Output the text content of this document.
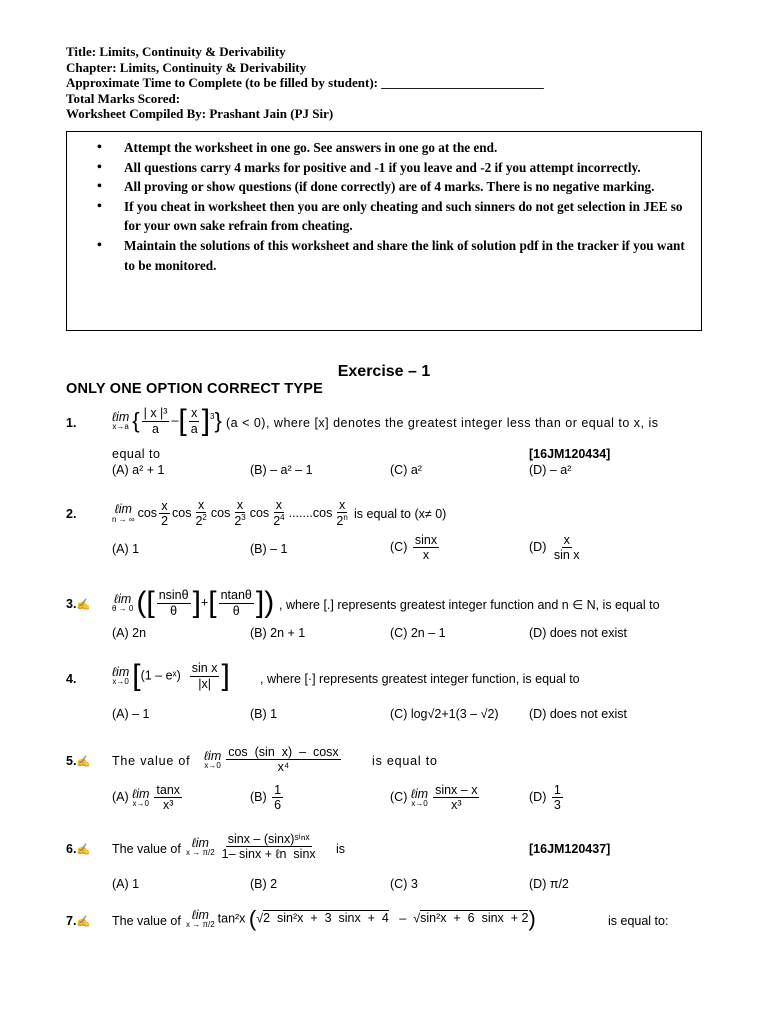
Title: Limits, Continuity & Derivability
Chapter: Limits, Continuity & Derivability
Approximate Time to Complete (to be filled by student): _________________________
Total Marks Scored:
Worksheet Compiled By: Prashant Jain (PJ Sir)
• Attempt the worksheet in one go. See answers in one go at the end.
• All questions carry 4 marks for positive and -1 if you leave and -2 if you attempt incorrectly.
• All proving or show questions (if done correctly) are of 4 marks. There is no negative marking.
• If you cheat in worksheet then you are only cheating and such sinners do not get selection in JEE so for your own sake refrain from cheating.
• Maintain the solutions of this worksheet and share the link of solution pdf in the tracker if you want to be monitored.
Exercise – 1
ONLY ONE OPTION CORRECT TYPE
1.	ℓim
x→a { $\frac{\text{| x |³}}{a}$ –[ $\frac{x}{a} ]^3$} (a < 0), where [x] denotes the greatest integer less than or equal to x, is
equal to	[16JM120434]
(A) a² + 1	(B) – a² – 1	(C) a²	(D) – a²
2.	ℓim
n → ∞ $\cos \frac{x}{2}$ $\cos \frac{x}{2^2}$ $\cos \frac{x}{2^3}$ $\cos \frac{x}{2^4} .......\cos \frac{x}{2^n}$ is equal to (x≠ 0)
(A) 1	(B) – 1	$(C) \frac{\sin x}{x}$	$(D) \frac{x}{\text{sin x}}$
3.✍ ℓim
θ → 0 ([ $\frac{nsin\theta}{\theta}$ ]+[ $\frac{ntan\theta}{\theta}$ ]) , where [.] represents greatest integer function and n ∈ N, is equal to
(A) 2n	(B) 2n + 1	(C) 2n – 1	(D) does not exist
4.
ℓim
x→0 [(1 – eˣ) $\frac{\text{sin x}}{|x|}$ ] , where [·] represents greatest integer function, is equal to
(A) – 1	(B) 1	(C) log√2+1(3 – √2) (D) does not exist
5.✍ The value of ℓim
$x\to 0 \frac{\text{cos  (sin  x)  –  cosx}}{\text{x⁴}}$	is equal to
(A) ℓim
$x\to 0 \frac{\tan x}{\text{x³}}$	$(B) \frac{1}{6}$	(C) ℓim
$x\to 0 \frac{\sin x - x}{\text{x³}}$	$(D) \frac{1}{3}$
6.✍ The value of ℓim
$x \to \pi/2 \frac{\text{sinx – (sinx)ˢⁱⁿˣ}}{\text{1– sinx + ℓn  sinx}}$ is	[16JM120437]
(A) 1	(B) 2	(C) 3	(D) π/2
7.✍ The value of ℓim
x → π/2 tan²x (√2  sin²x  +  3  sinx  +  4   –  √sin²x  +  6  sinx  + 2)	is equal to:
